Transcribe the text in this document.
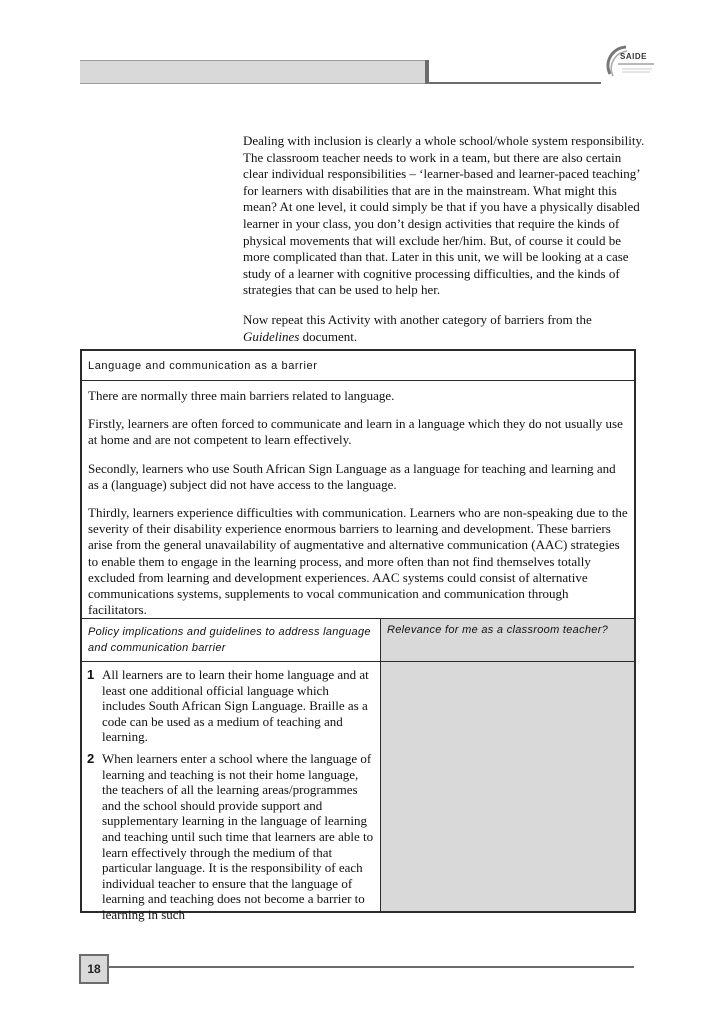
SAIDE

Dealing with inclusion is clearly a whole school/whole system responsibility. The classroom teacher needs to work in a team, but there are also certain clear individual responsibilities – ‘learner-based and learner-paced teaching’ for learners with disabilities that are in the mainstream. What might this mean? At one level, it could simply be that if you have a physically disabled learner in your class, you don’t design activities that require the kinds of physical movements that will exclude her/him. But, of course it could be more complicated than that. Later in this unit, we will be looking at a case study of a learner with cognitive processing difficulties, and the kinds of strategies that can be used to help her.

Now repeat this Activity with another category of barriers from the Guidelines document.

Language and communication as a barrier

There are normally three main barriers related to language.

Firstly, learners are often forced to communicate and learn in a language which they do not usually use at home and are not competent to learn effectively.

Secondly, learners who use South African Sign Language as a language for teaching and learning and as a (language) subject did not have access to the language.

Thirdly, learners experience difficulties with communication. Learners who are non-speaking due to the severity of their disability experience enormous barriers to learning and development. These barriers arise from the general unavailability of augmentative and alternative communication (AAC) strategies to enable them to engage in the learning process, and more often than not find themselves totally excluded from learning and development experiences. AAC systems could consist of alternative communications systems, supplements to vocal communication and communication through facilitators.

Policy implications and guidelines to address language and communication barrier
1 All learners are to learn their home language and at least one additional official language which includes South African Sign Language. Braille as a code can be used as a medium of teaching and learning.
2 When learners enter a school where the language of learning and teaching is not their home language, the teachers of all the learning areas/programmes and the school should provide support and supplementary learning in the language of learning and teaching until such time that learners are able to learn effectively through the medium of that particular language. It is the responsibility of each individual teacher to ensure that the language of learning and teaching does not become a barrier to learning in such
Relevance for me as a classroom teacher?
18
